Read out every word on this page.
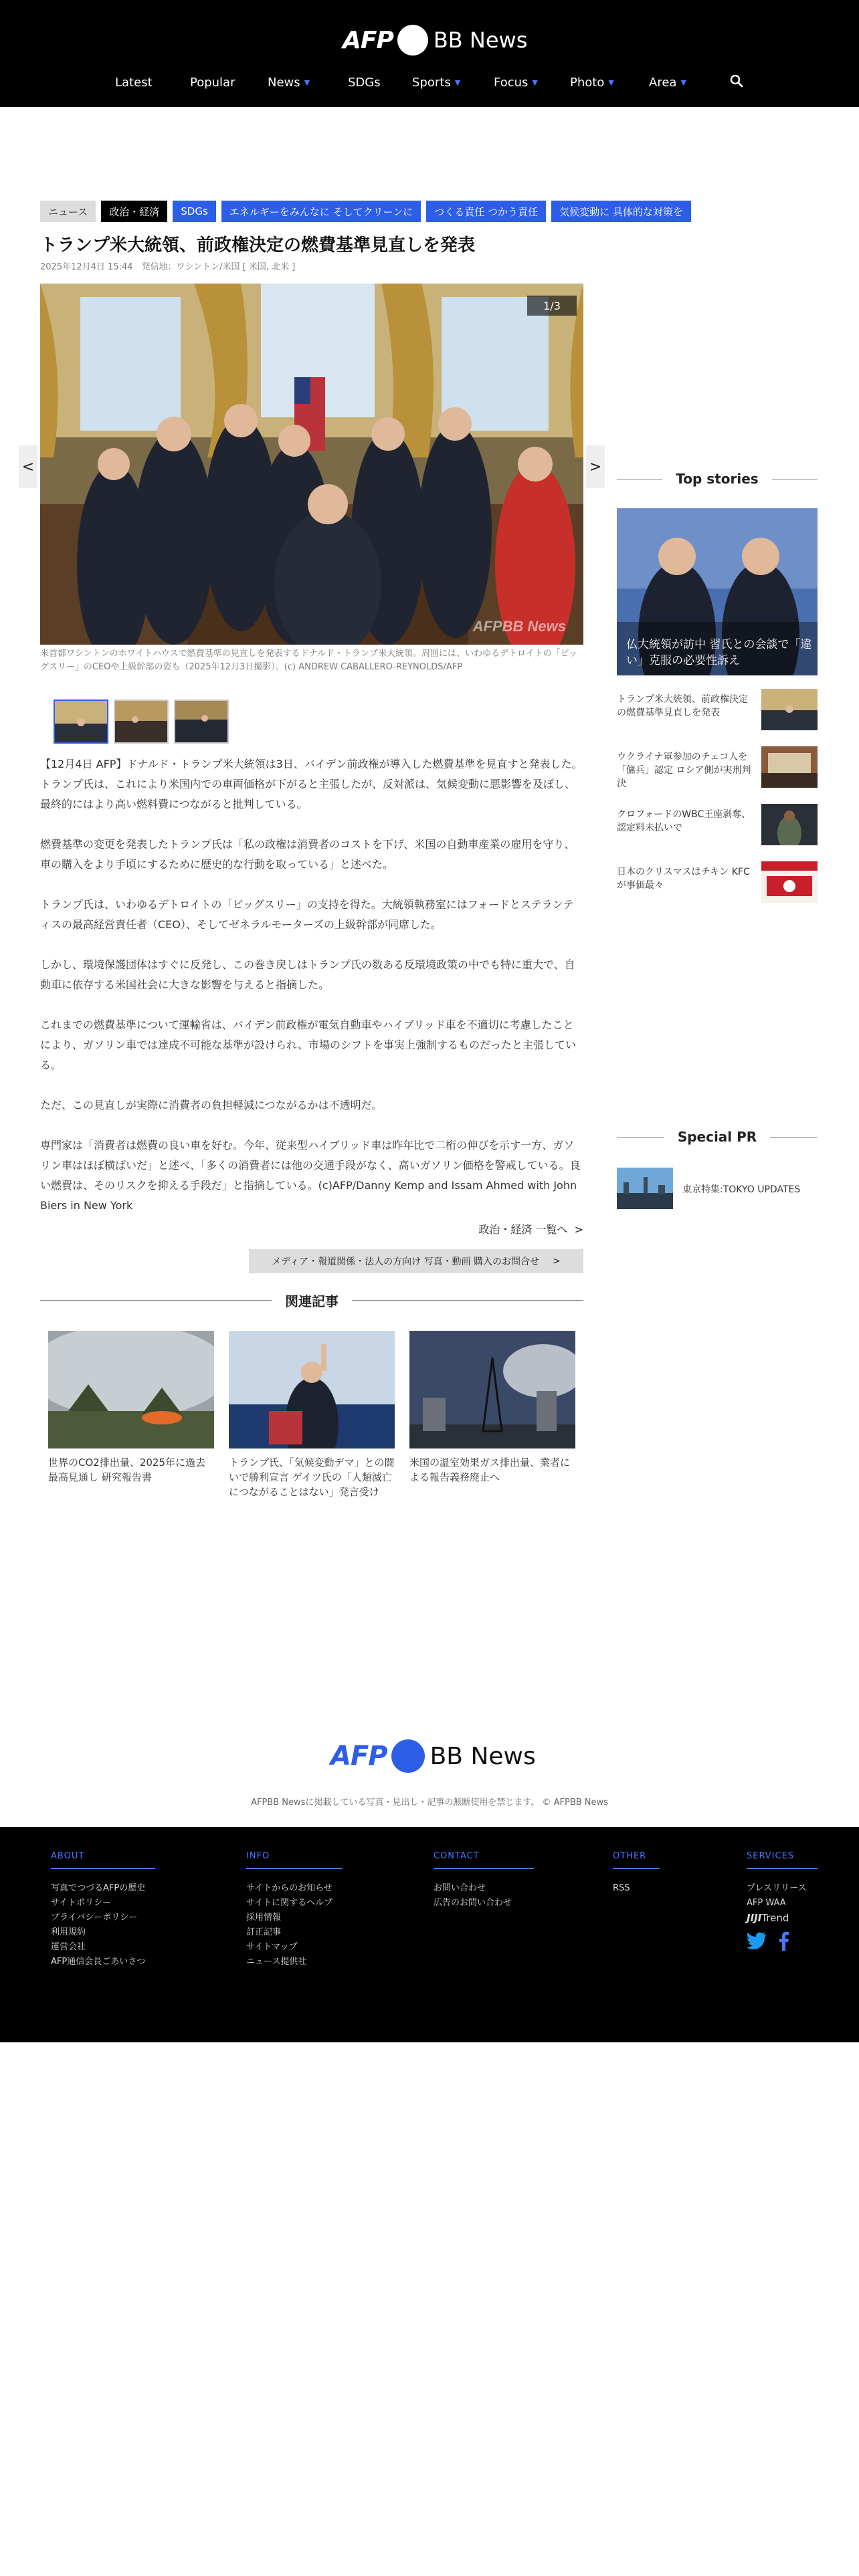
AFP BB News
Latest	Popular	News ▼	SDGs	Sports ▼	Focus ▼	Photo ▼	Area ▼
ニュース	政治・経済	SDGs	エネルギーをみんなに そしてクリーンに	つくる責任 つかう責任	気候変動に 具体的な対策を
トランプ米大統領、前政権決定の燃費基準見直しを発表
2025年12月4日 15:44　発信地：ワシントン/米国 [ 米国, 北米 ]
AFPBB News
1/3
<	>
米首都ワシントンのホワイトハウスで燃費基準の見直しを発表するドナルド・トランプ米大統領。周囲には、いわゆるデトロイトの「ビッグスリー」のCEOや上級幹部の姿も（2025年12月3日撮影）。(c) ANDREW CABALLERO-REYNOLDS/AFP

【12月4日 AFP】ドナルド・トランプ米大統領は3日、バイデン前政権が導入した燃費基準を見直すと発表した。トランプ氏は、これにより米国内での車両価格が下がると主張したが、反対派は、気候変動に悪影響を及ぼし、最終的にはより高い燃料費につながると批判している。

燃費基準の変更を発表したトランプ氏は「私の政権は消費者のコストを下げ、米国の自動車産業の雇用を守り、車の購入をより手頃にするために歴史的な行動を取っている」と述べた。

トランプ氏は、いわゆるデトロイトの「ビッグスリー」の支持を得た。大統領執務室にはフォードとステランティスの最高経営責任者（CEO）、そしてゼネラルモーターズの上級幹部が同席した。

しかし、環境保護団体はすぐに反発し、この巻き戻しはトランプ氏の数ある反環境政策の中でも特に重大で、自動車に依存する米国社会に大きな影響を与えると指摘した。

これまでの燃費基準について運輸省は、バイデン前政権が電気自動車やハイブリッド車を不適切に考慮したことにより、ガソリン車では達成不可能な基準が設けられ、市場のシフトを事実上強制するものだったと主張している。

ただ、この見直しが実際に消費者の負担軽減につながるかは不透明だ。

専門家は「消費者は燃費の良い車を好む。今年、従来型ハイブリッド車は昨年比で二桁の伸びを示す一方、ガソリン車はほぼ横ばいだ」と述べ、「多くの消費者には他の交通手段がなく、高いガソリン価格を警戒している。良い燃費は、そのリスクを抑える手段だ」と指摘している。(c)AFP/Danny Kemp and Issam Ahmed with John Biers in New York

政治・経済 一覧へ >
メディア・報道関係・法人の方向け 写真・動画 購入のお問合せ >
関連記事
世界のCO2排出量、2025年に過去最高見通し 研究報告書
トランプ氏、「気候変動デマ」との闘いで勝利宣言 ゲイツ氏の「人類滅亡につながることはない」発言受け
米国の温室効果ガス排出量、業者による報告義務廃止へ
Top stories
仏大統領が訪中 習氏との会談で「違い」克服の必要性訴え
トランプ米大統領、前政権決定の燃費基準見直しを発表
ウクライナ軍参加のチェコ人を「傭兵」認定 ロシア側が実刑判決
クロフォードのWBC王座剥奪、認定料未払いで
日本のクリスマスはチキン KFCが事価最々
Special PR
東京特集:TOKYO UPDATES
AFP BB News
AFPBB Newsに掲載している写真・見出し・記事の無断使用を禁じます。 © AFPBB News
ABOUT
写真でつづるAFPの歴史
サイトポリシー
プライバシーポリシー
利用規約
運営会社
AFP通信会長ごあいさつ
INFO
サイトからのお知らせ
サイトに関するヘルプ
採用情報
訂正記事
サイトマップ
ニュース提供社
CONTACT
お問い合わせ
広告のお問い合わせ
OTHER
RSS
SERVICES
プレスリリース
AFP WAA
JIJITrend
